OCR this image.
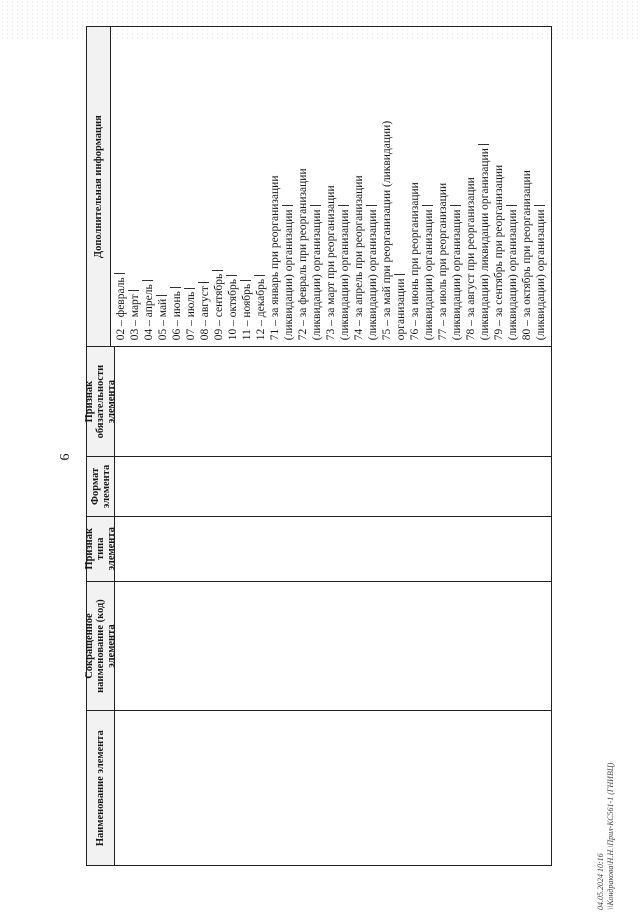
6
04.05.2024 10:16 \\Кондракова\Н.Н.\Прил-КС561-1 (ГНИВЦ)
Наименование элемента
Сокращенное наименование (код) элемента
Признак типа элемента
Формат элемента
Признак обязательности элемента
Дополнительная информация
02 – февраль 03 – март 04 – апрель 05 – май 06 – июнь 07 – июль 08 – август 09 – сентябрь 10 – октябрь 11 – ноябрь 12 – декабрь 71 – за январь при реорганизации (ликвидации) организации 72 – за февраль при реорганизации (ликвидации) организации 73 – за март при реорганизации (ликвидации) организации 74 – за апрель при реорганизации (ликвидации) организации 75 – за май при реорганизации (ликвидации) организации 76 – за июнь при реорганизации (ликвидации) организации 77 – за июль при реорганизации (ликвидации) организации 78 – за август при реорганизации (ликвидации) ликвидации организации 79 – за сентябрь при реорганизации (ликвидации) организации 80 – за октябрь при реорганизации (ликвидации) организации
